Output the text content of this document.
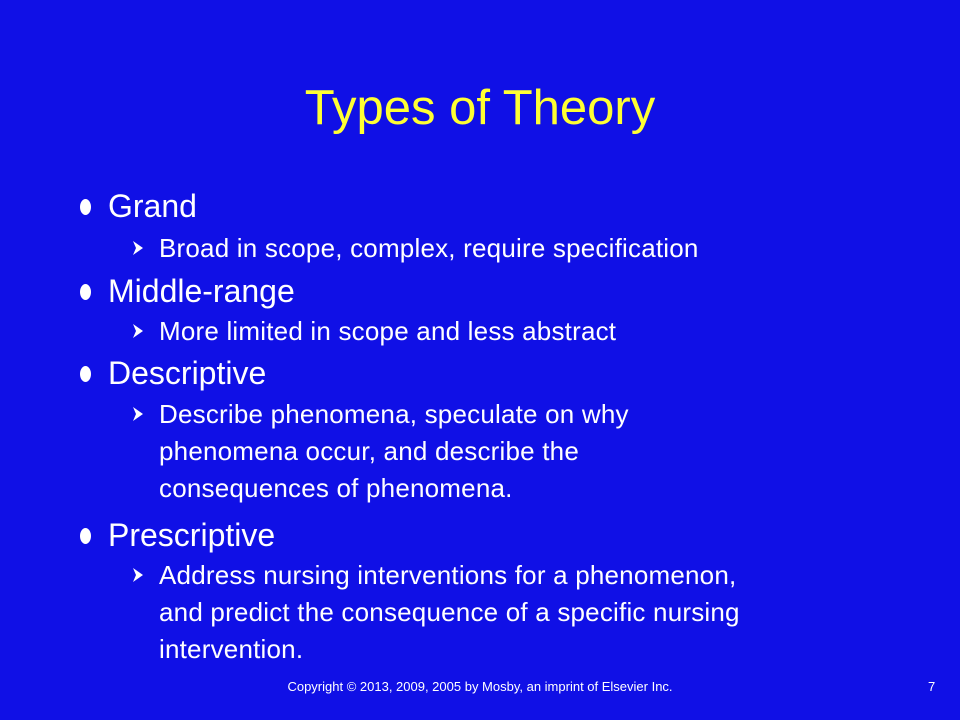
Types of Theory
Grand
Broad in scope, complex, require specification
Middle-range
More limited in scope and less abstract
Descriptive
Describe phenomena, speculate on why
phenomena occur, and describe the
consequences of phenomena.
Prescriptive
Address nursing interventions for a phenomenon,
and predict the consequence of a specific nursing
intervention.
Copyright © 2013, 2009, 2005 by Mosby, an imprint of Elsevier Inc.	7
